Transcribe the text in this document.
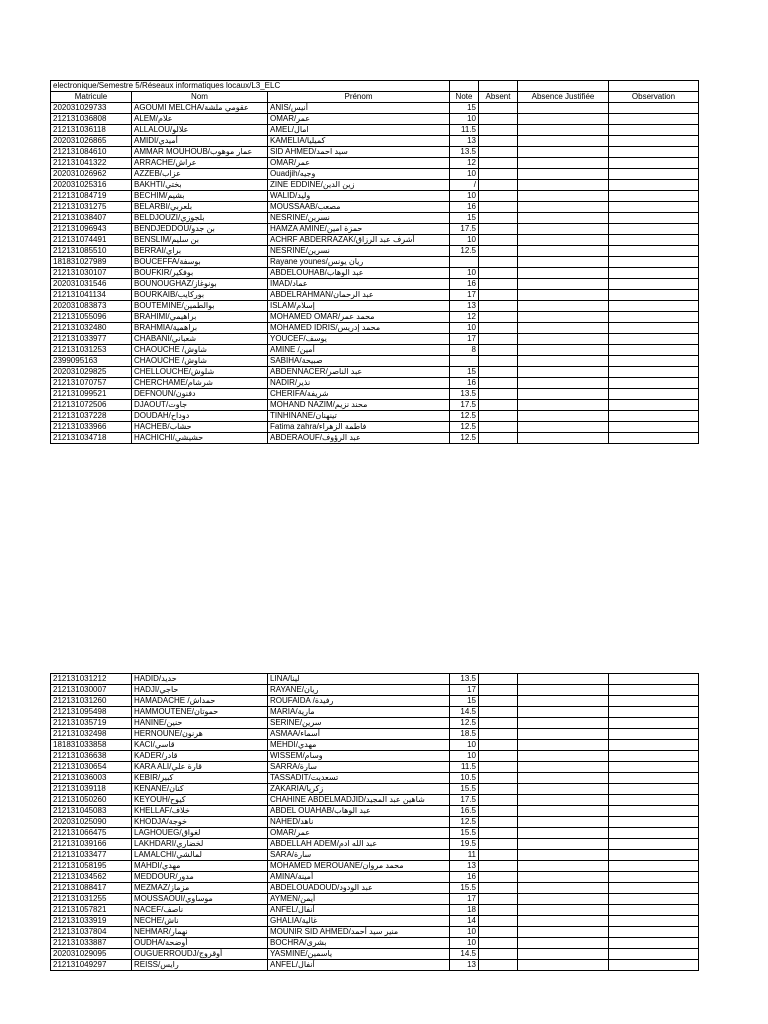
electronique/Semestre 5/Réseaux informatiques locaux/L3_ELC						
Matricule	Nom	Prénom	Note	Absent	Absence Justifiée	Observation
202031029733	AGOUMI MELCHA/عقومي ملشة	ANIS/أنيس	15			
212131036808	ALEM/علام	OMAR/عمر	10			
212131036118	ALLALOU/علالو	AMEL/امال	11.5			
202031026865	AMIDI/أميدي	KAMELIA/كميليا	13			
212131084610	AMMAR MOUHOUB/عمار موهوب	SID AHMED/سيد احمد	13.5			
212131041322	ARRACHE/عراش	OMAR/عمر	12			
202031026962	AZZEB/عزاب	Ouadjih/وجيه	10			
202031025316	BAKHTI/بختي	ZINE EDDINE/زين الدين	/			
212131084719	BECHIM/بشيم	WALID/وليد	10			
212131031275	BELARBI/بلعربي	MOUSSAAB/مصعب	16			
212131038407	BELDJOUZI/بلجوزي	NESRINE/نسرين	15			
212131096943	BENDJEDDOU/بن جدو	HAMZA AMINE/حمزة امين	17.5			
212131074491	BENSLIM/بن سليم	ACHRF ABDERRAZAK/أشرف عبد الرزاق	10			
212131085510	BERRAI/براي	NESRINE/نسرين	12.5			
181831027989	BOUCEFFA/بوسفة	Rayane younes/ريان يونس				
212131030107	BOUFKIR/بوفكير	ABDELOUHAB/عبد الوهاب	10			
202031031546	BOUNOUGHAZ/بونوغاز	IMAD/عماد	16			
212131041134	BOURKAIB/بوركايب	ABDELRAHMAN/عبد الرحمان	17			
202031083873	BOUTEMINE/بوالطمين	ISLAM/إسلام	13			
212131055096	BRAHIMI/براهيمي	MOHAMED OMAR/محمد عمر	12			
212131032480	BRAHMIA/براهمية	MOHAMED IDRIS/محمد إدريس	10			
212131033977	CHABANI/شعباني	YOUCEF/يوسف	17			
212131031253	CHAOUCHE /شاوش	AMINE /أمين	8			
2399095163	CHAOUCHE /شاوش	SABIHA/صبيحة				
202031029825	CHELLOUCHE/شلوش	ABDENNACER/عبد الناصر	15			
212131070757	CHERCHAME/شرشام	NADIR/نذير	16			
212131099521	DEFNOUN/دفنون	CHERIFA/شريفة	13.5			
212131072506	DJAOUT/جاوت	MOHAND NAZIM/محند نزيم	17.5			
212131037228	DOUDAH/دوداح	TINHINANE/تينهنان	12.5			
212131033966	HACHEB/حشاب	Fatima zahra/فاطمة الزهراء	12.5			
212131034718	HACHICHI/حشيشي	ABDERAOUF/عبد الرؤوف	12.5			
212131031212	HADID/حديد	LINA/لينا	13.5			
212131030007	HADJI/حاجي	RAYANE/ريان	17			
212131031260	HAMADACHE /حمداش	ROUFAIDA /رفيدة	15			
212131095498	HAMMOUTENE/حموتان	MARIA/مارية	14.5			
212131035719	HANINE/حنين	SERINE/سرين	12.5			
212131032498	HERNOUNE/هرنون	ASMAA/أسماء	18.5			
181831033858	KACI/قاسي	MEHDI/مهدي	10			
212131036638	KADER/قادر	WISSEM/وسام	10			
212131030654	KARA ALI/قارة علي	SARRA/سارة	11.5			
212131036003	KEBIR/كبير	TASSADIT/تسعديت	10.5			
212131039118	KENANE/كنان	ZAKARIA/زكريا	15.5			
212131050260	KEYOUH/كيوح	CHAHINE ABDELMADJID/شاهين عبد المجيد	17.5			
212131045083	KHELLAF/خلاف	ABDEL OUAHAB/عبد الوهاب	16.5			
202031025090	KHODJA/خوجة	NAHED/ناهد	12.5			
212131066475	LAGHOUEG/لغواق	OMAR/عمر	15.5			
212131039166	LAKHDARI/لخضاري	ABDELLAH ADEM/عبد الله ادم	19.5			
212131033477	LAMALCHI/لمالشي	SARA/سارة	11			
212131058195	MAHDI/مهدي	MOHAMED MEROUANE/محمد مروان	13			
212131034562	MEDDOUR/مدور	AMINA/أمينة	16			
212131088417	MEZMAZ/مزماز	ABDELOUADOUD/عبد الودود	15.5			
212131031255	MOUSSAOUI/موساوي	AYMEN/أيمن	17			
212131057821	NACEF/ناصف	ANFEL/أنفال	18			
212131033919	NECHE/ناش	GHALIA/غالية	14			
212131037804	NEHMAR/نهمار	MOUNIR SID AHMED/منير سيد أحمد	10			
212131033887	OUDHA/أوضحة	BOCHRA/بشرى	10			
202031029095	OUGUERROUDJ/أوقروج	YASMINE/ياسمين	14.5			
212131049297	REISS/رايس	ANFEL/أنفال	13			
